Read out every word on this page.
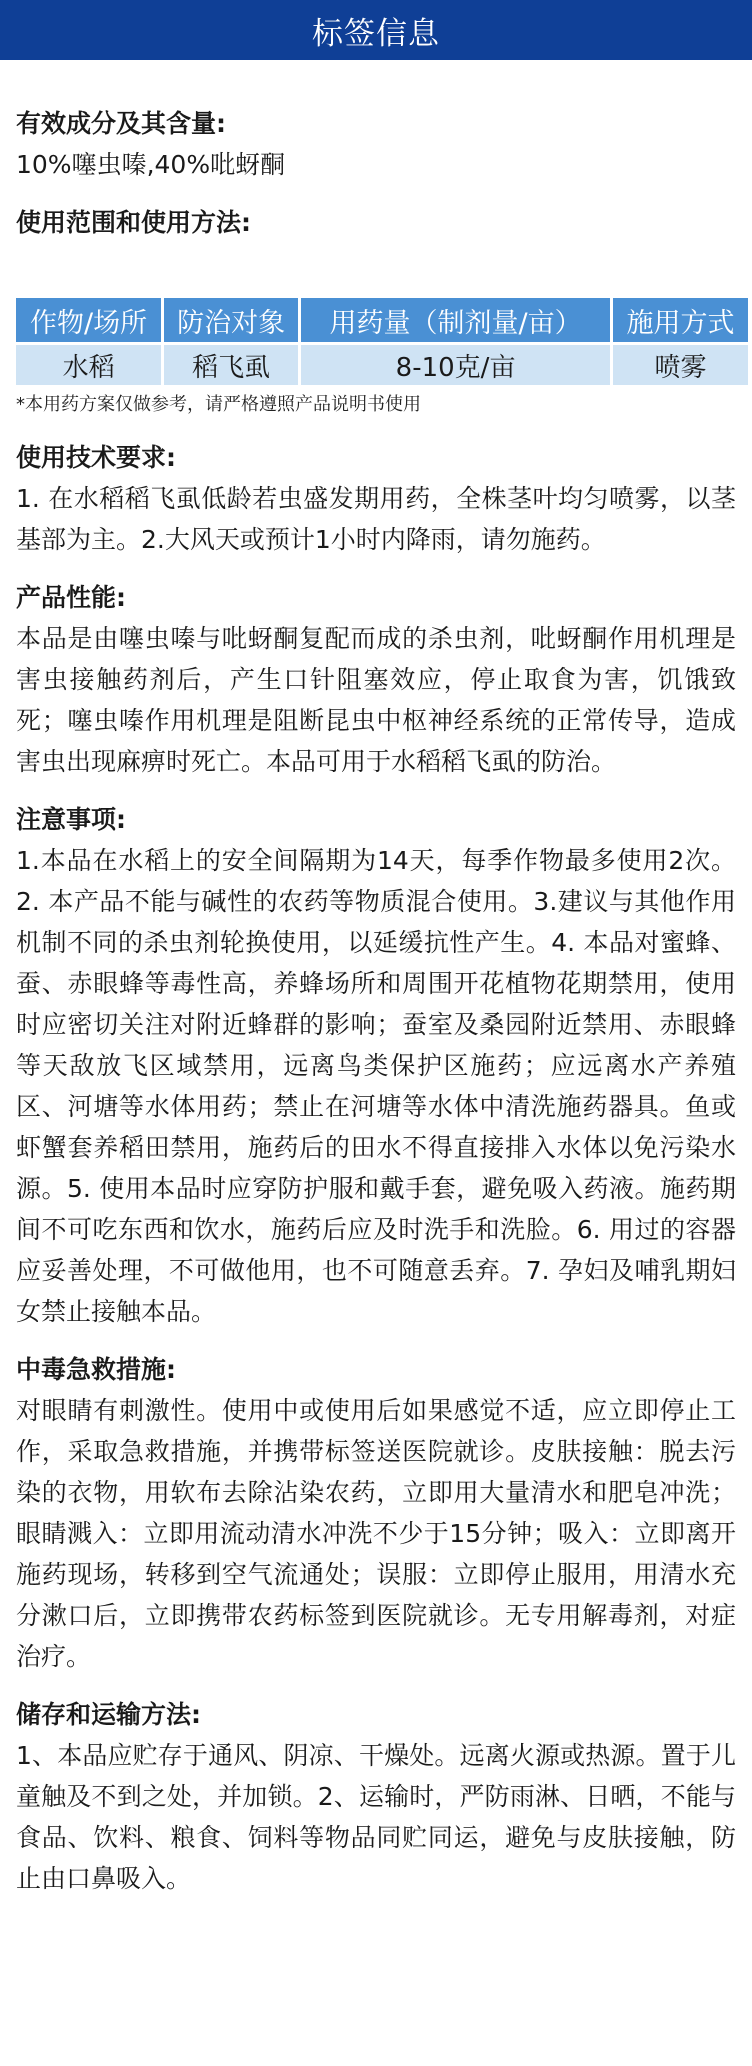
标签信息
有效成分及其含量:

10%噻虫嗪,40%吡蚜酮

使用范围和使用方法:
作物/场所	防治对象	用药量（制剂量/亩）	施用方式
水稻	稻飞虱	8-10克/亩	喷雾

*本用药方案仅做参考，请严格遵照产品说明书使用

使用技术要求:

1. 在水稻稻飞虱低龄若虫盛发期用药，全株茎叶均匀喷雾，以茎基部为主。2.大风天或预计1小时内降雨，请勿施药。

产品性能:

本品是由噻虫嗪与吡蚜酮复配而成的杀虫剂，吡蚜酮作用机理是害虫接触药剂后，产生口针阻塞效应，停止取食为害，饥饿致死；噻虫嗪作用机理是阻断昆虫中枢神经系统的正常传导，造成害虫出现麻痹时死亡。本品可用于水稻稻飞虱的防治。

注意事项:

1.本品在水稻上的安全间隔期为14天，每季作物最多使用2次。2. 本产品不能与碱性的农药等物质混合使用。3.建议与其他作用机制不同的杀虫剂轮换使用，以延缓抗性产生。4. 本品对蜜蜂、蚕、赤眼蜂等毒性高，养蜂场所和周围开花植物花期禁用，使用时应密切关注对附近蜂群的影响；蚕室及桑园附近禁用、赤眼蜂等天敌放飞区域禁用，远离鸟类保护区施药；应远离水产养殖区、河塘等水体用药；禁止在河塘等水体中清洗施药器具。鱼或虾蟹套养稻田禁用，施药后的田水不得直接排入水体以免污染水源。5. 使用本品时应穿防护服和戴手套，避免吸入药液。施药期间不可吃东西和饮水，施药后应及时洗手和洗脸。6. 用过的容器应妥善处理，不可做他用，也不可随意丢弃。7. 孕妇及哺乳期妇女禁止接触本品。

中毒急救措施:

对眼睛有刺激性。使用中或使用后如果感觉不适，应立即停止工作，采取急救措施，并携带标签送医院就诊。皮肤接触：脱去污染的衣物，用软布去除沾染农药，立即用大量清水和肥皂冲洗；眼睛溅入：立即用流动清水冲洗不少于15分钟；吸入：立即离开施药现场，转移到空气流通处；误服：立即停止服用，用清水充分漱口后，立即携带农药标签到医院就诊。无专用解毒剂，对症治疗。

储存和运输方法:

1、本品应贮存于通风、阴凉、干燥处。远离火源或热源。置于儿童触及不到之处，并加锁。2、运输时，严防雨淋、日晒，不能与食品、饮料、粮食、饲料等物品同贮同运，避免与皮肤接触，防止由口鼻吸入。
